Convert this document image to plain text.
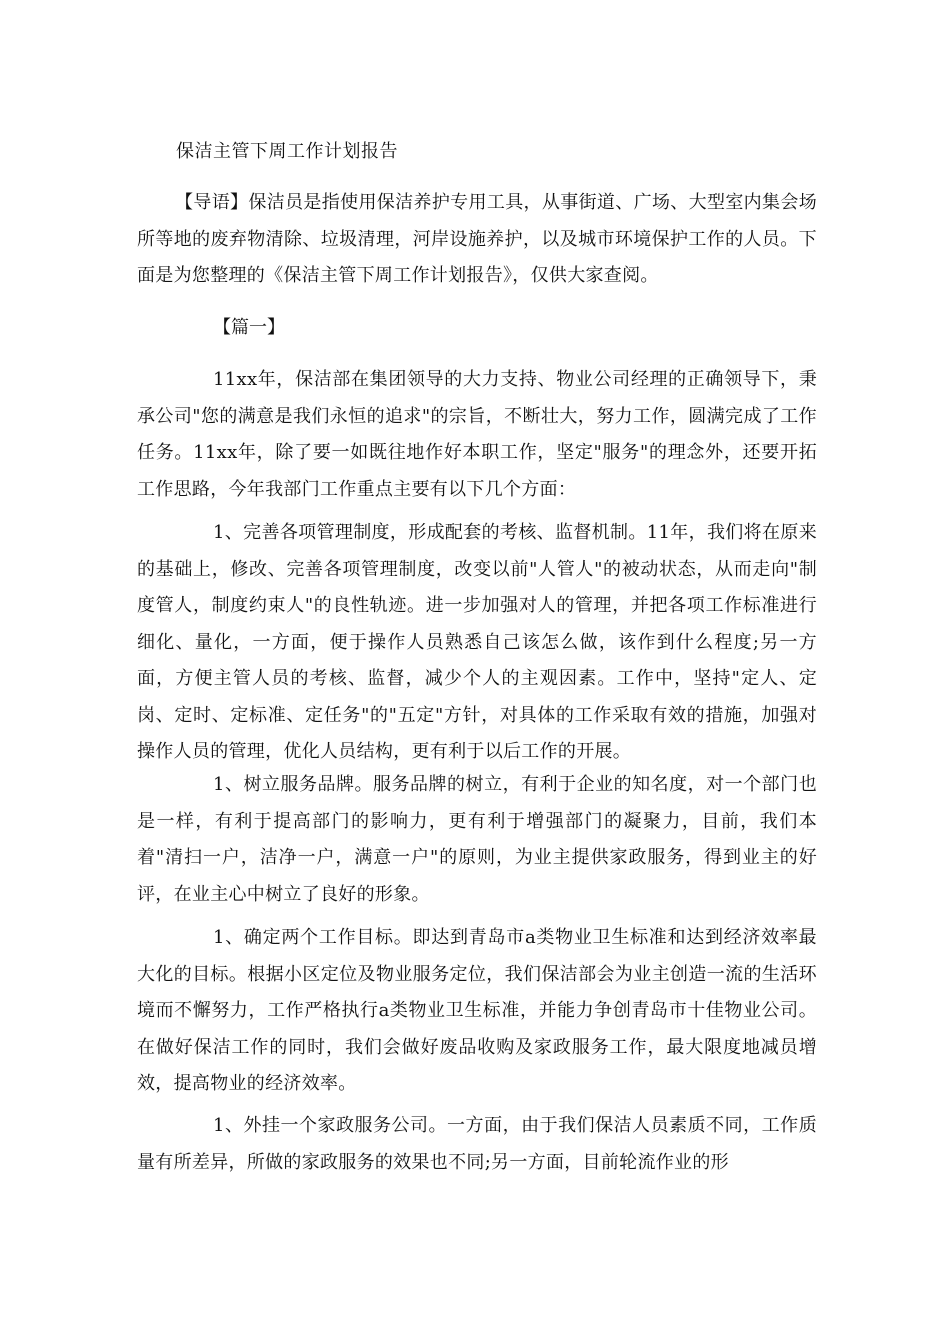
保洁主管下周工作计划报告
【导语】保洁员是指使用保洁养护专用工具，从事街道、广场、大型室内集会场所等地的废弃物清除、垃圾清理，河岸设施养护，以及城市环境保护工作的人员。下面是为您整理的《保洁主管下周工作计划报告》，仅供大家查阅。
【篇一】
11xx年，保洁部在集团领导的大力支持、物业公司经理的正确领导下，秉承公司"您的满意是我们永恒的追求"的宗旨，不断壮大，努力工作，圆满完成了工作任务。11xx年，除了要一如既往地作好本职工作，坚定"服务"的理念外，还要开拓工作思路，今年我部门工作重点主要有以下几个方面：
1、完善各项管理制度，形成配套的考核、监督机制。11年，我们将在原来的基础上，修改、完善各项管理制度，改变以前"人管人"的被动状态，从而走向"制度管人，制度约束人"的良性轨迹。进一步加强对人的管理，并把各项工作标准进行细化、量化，一方面，便于操作人员熟悉自己该怎么做，该作到什么程度;另一方面，方便主管人员的考核、监督，减少个人的主观因素。工作中，坚持"定人、定岗、定时、定标准、定任务"的"五定"方针，对具体的工作采取有效的措施，加强对操作人员的管理，优化人员结构，更有利于以后工作的开展。
1、树立服务品牌。服务品牌的树立，有利于企业的知名度，对一个部门也是一样，有利于提高部门的影响力，更有利于增强部门的凝聚力，目前，我们本着"清扫一户，洁净一户，满意一户"的原则，为业主提供家政服务，得到业主的好评，在业主心中树立了良好的形象。
1、确定两个工作目标。即达到青岛市a类物业卫生标准和达到经济效率最大化的目标。根据小区定位及物业服务定位，我们保洁部会为业主创造一流的生活环境而不懈努力，工作严格执行a类物业卫生标准，并能力争创青岛市十佳物业公司。在做好保洁工作的同时，我们会做好废品收购及家政服务工作，最大限度地减员增效，提高物业的经济效率。
1、外挂一个家政服务公司。一方面，由于我们保洁人员素质不同，工作质量有所差异，所做的家政服务的效果也不同;另一方面，目前轮流作业的形
